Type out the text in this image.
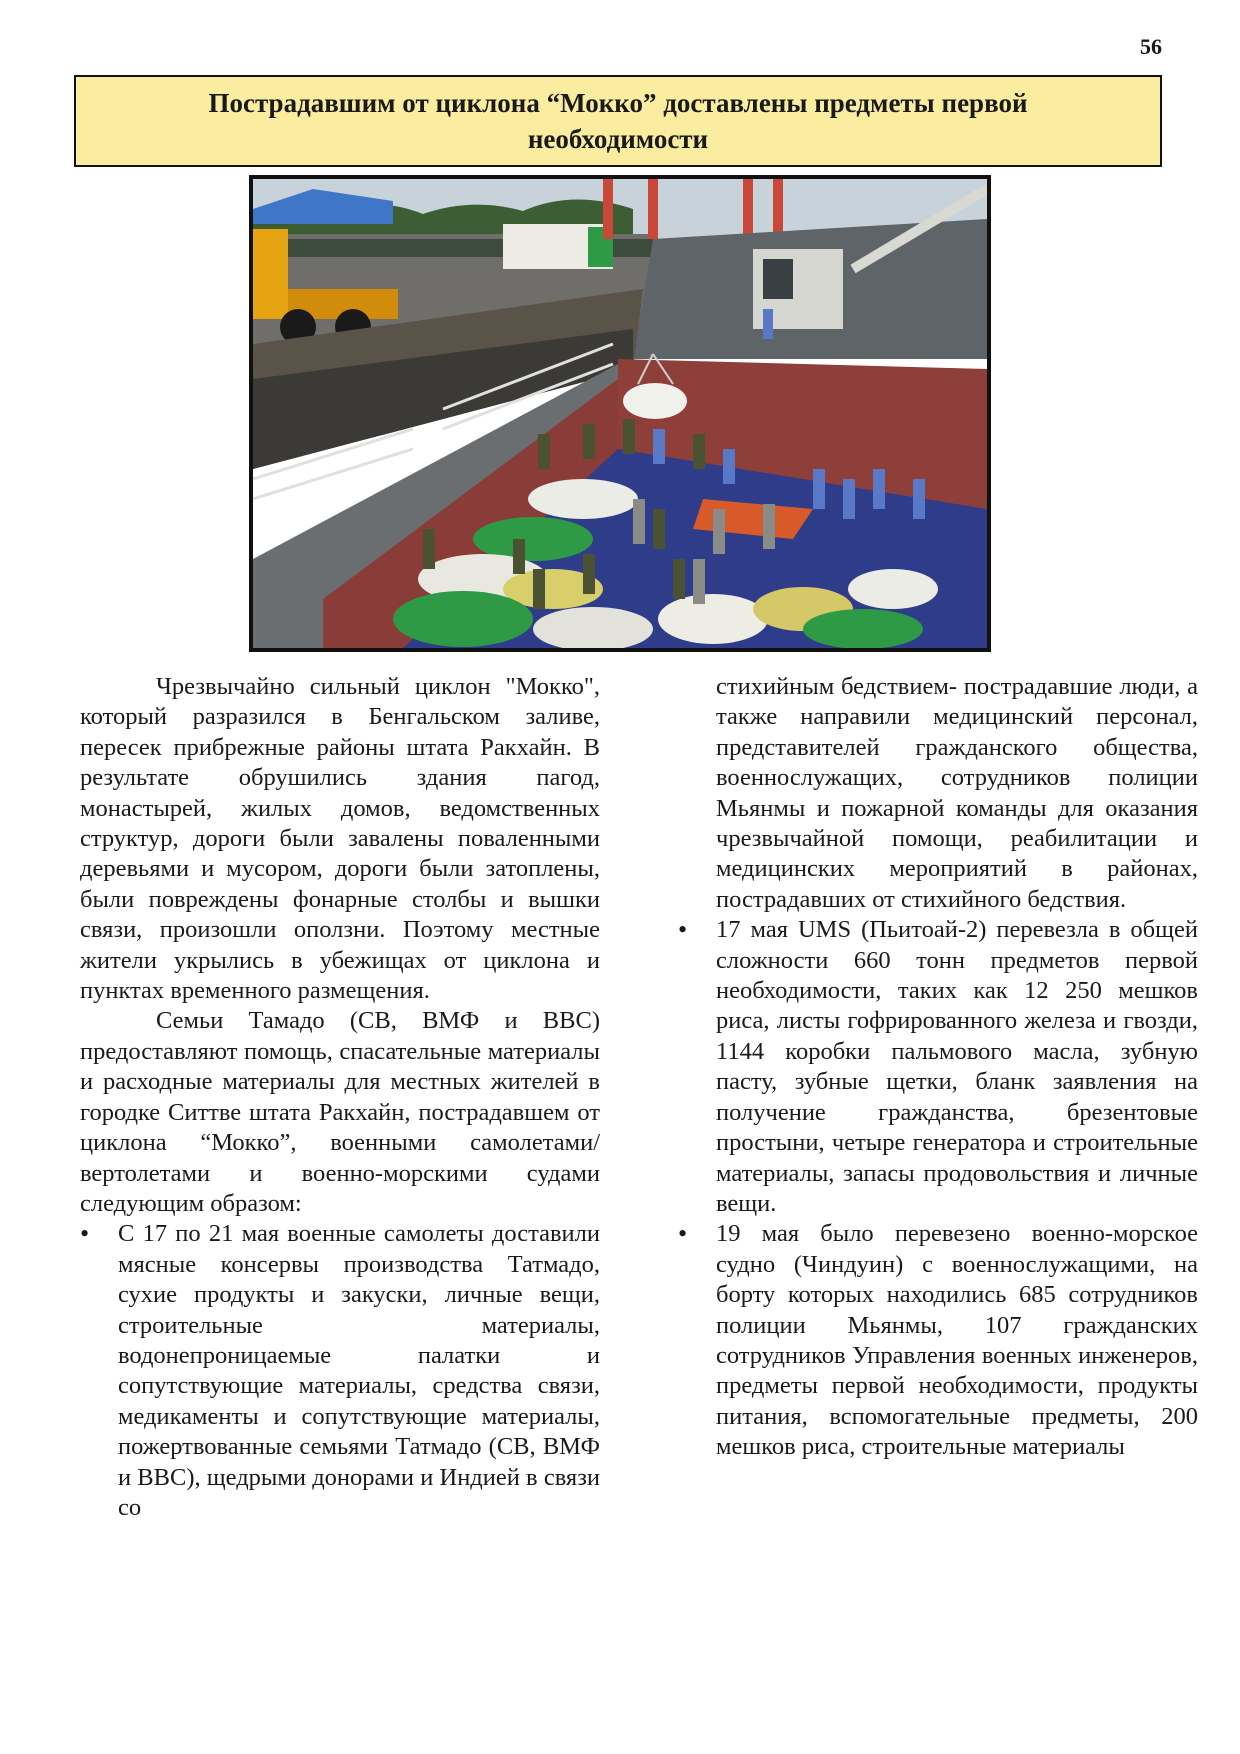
56
Пострадавшим от циклона “Мокко” доставлены предметы первой необходимости

Чрезвычайно сильный циклон "Мокко", который разразился в Бенгальском заливе, пересек прибрежные районы штата Ракхайн. В результате обрушились здания пагод, монастырей, жилых домов, ведомственных структур, дороги были завалены поваленными деревьями и мусором, дороги были затоплены, были повреждены фонарные столбы и вышки связи, произошли оползни. Поэтому местные жители укрылись в убежищах от циклона и пунктах временного размещения.

Семьи Тамадо (СВ, ВМФ и ВВС) предоставляют помощь, спасательные материалы и расходные материалы для местных жителей в городке Ситтве штата Ракхайн, пострадавшем от циклона “Мокко”, военными самолетами/ вертолетами и военно-морскими судами следующим образом:

• С 17 по 21 мая военные самолеты доставили мясные консервы производства Татмадо, сухие продукты и закуски, личные вещи, строительные материалы, водонепроницаемые палатки и сопутствующие материалы, средства связи, медикаменты и сопутствующие материалы, пожертвованные семьями Татмадо (СВ, ВМФ и ВВС), щедрыми донорами и Индией в связи со

стихийным бедствием- пострадавшие люди, а также направили медицинский персонал, представителей гражданского общества, военнослужащих, сотрудников полиции Мьянмы и пожарной команды для оказания чрезвычайной помощи, реабилитации и медицинских мероприятий в районах, пострадавших от стихийного бедствия.

• 17 мая UMS (Пьитоай-2) перевезла в общей сложности 660 тонн предметов первой необходимости, таких как 12 250 мешков риса, листы гофрированного железа и гвозди, 1144 коробки пальмового масла, зубную пасту, зубные щетки, бланк заявления на получение гражданства, брезентовые простыни, четыре генератора и строительные материалы, запасы продовольствия и личные вещи.
• 19 мая было перевезено военно-морское судно (Чиндуин) с военнослужащими, на борту которых находились 685 сотрудников полиции Мьянмы, 107 гражданских сотрудников Управления военных инженеров, предметы первой необходимости, продукты питания, вспомогательные предметы, 200 мешков риса, строительные материалы
